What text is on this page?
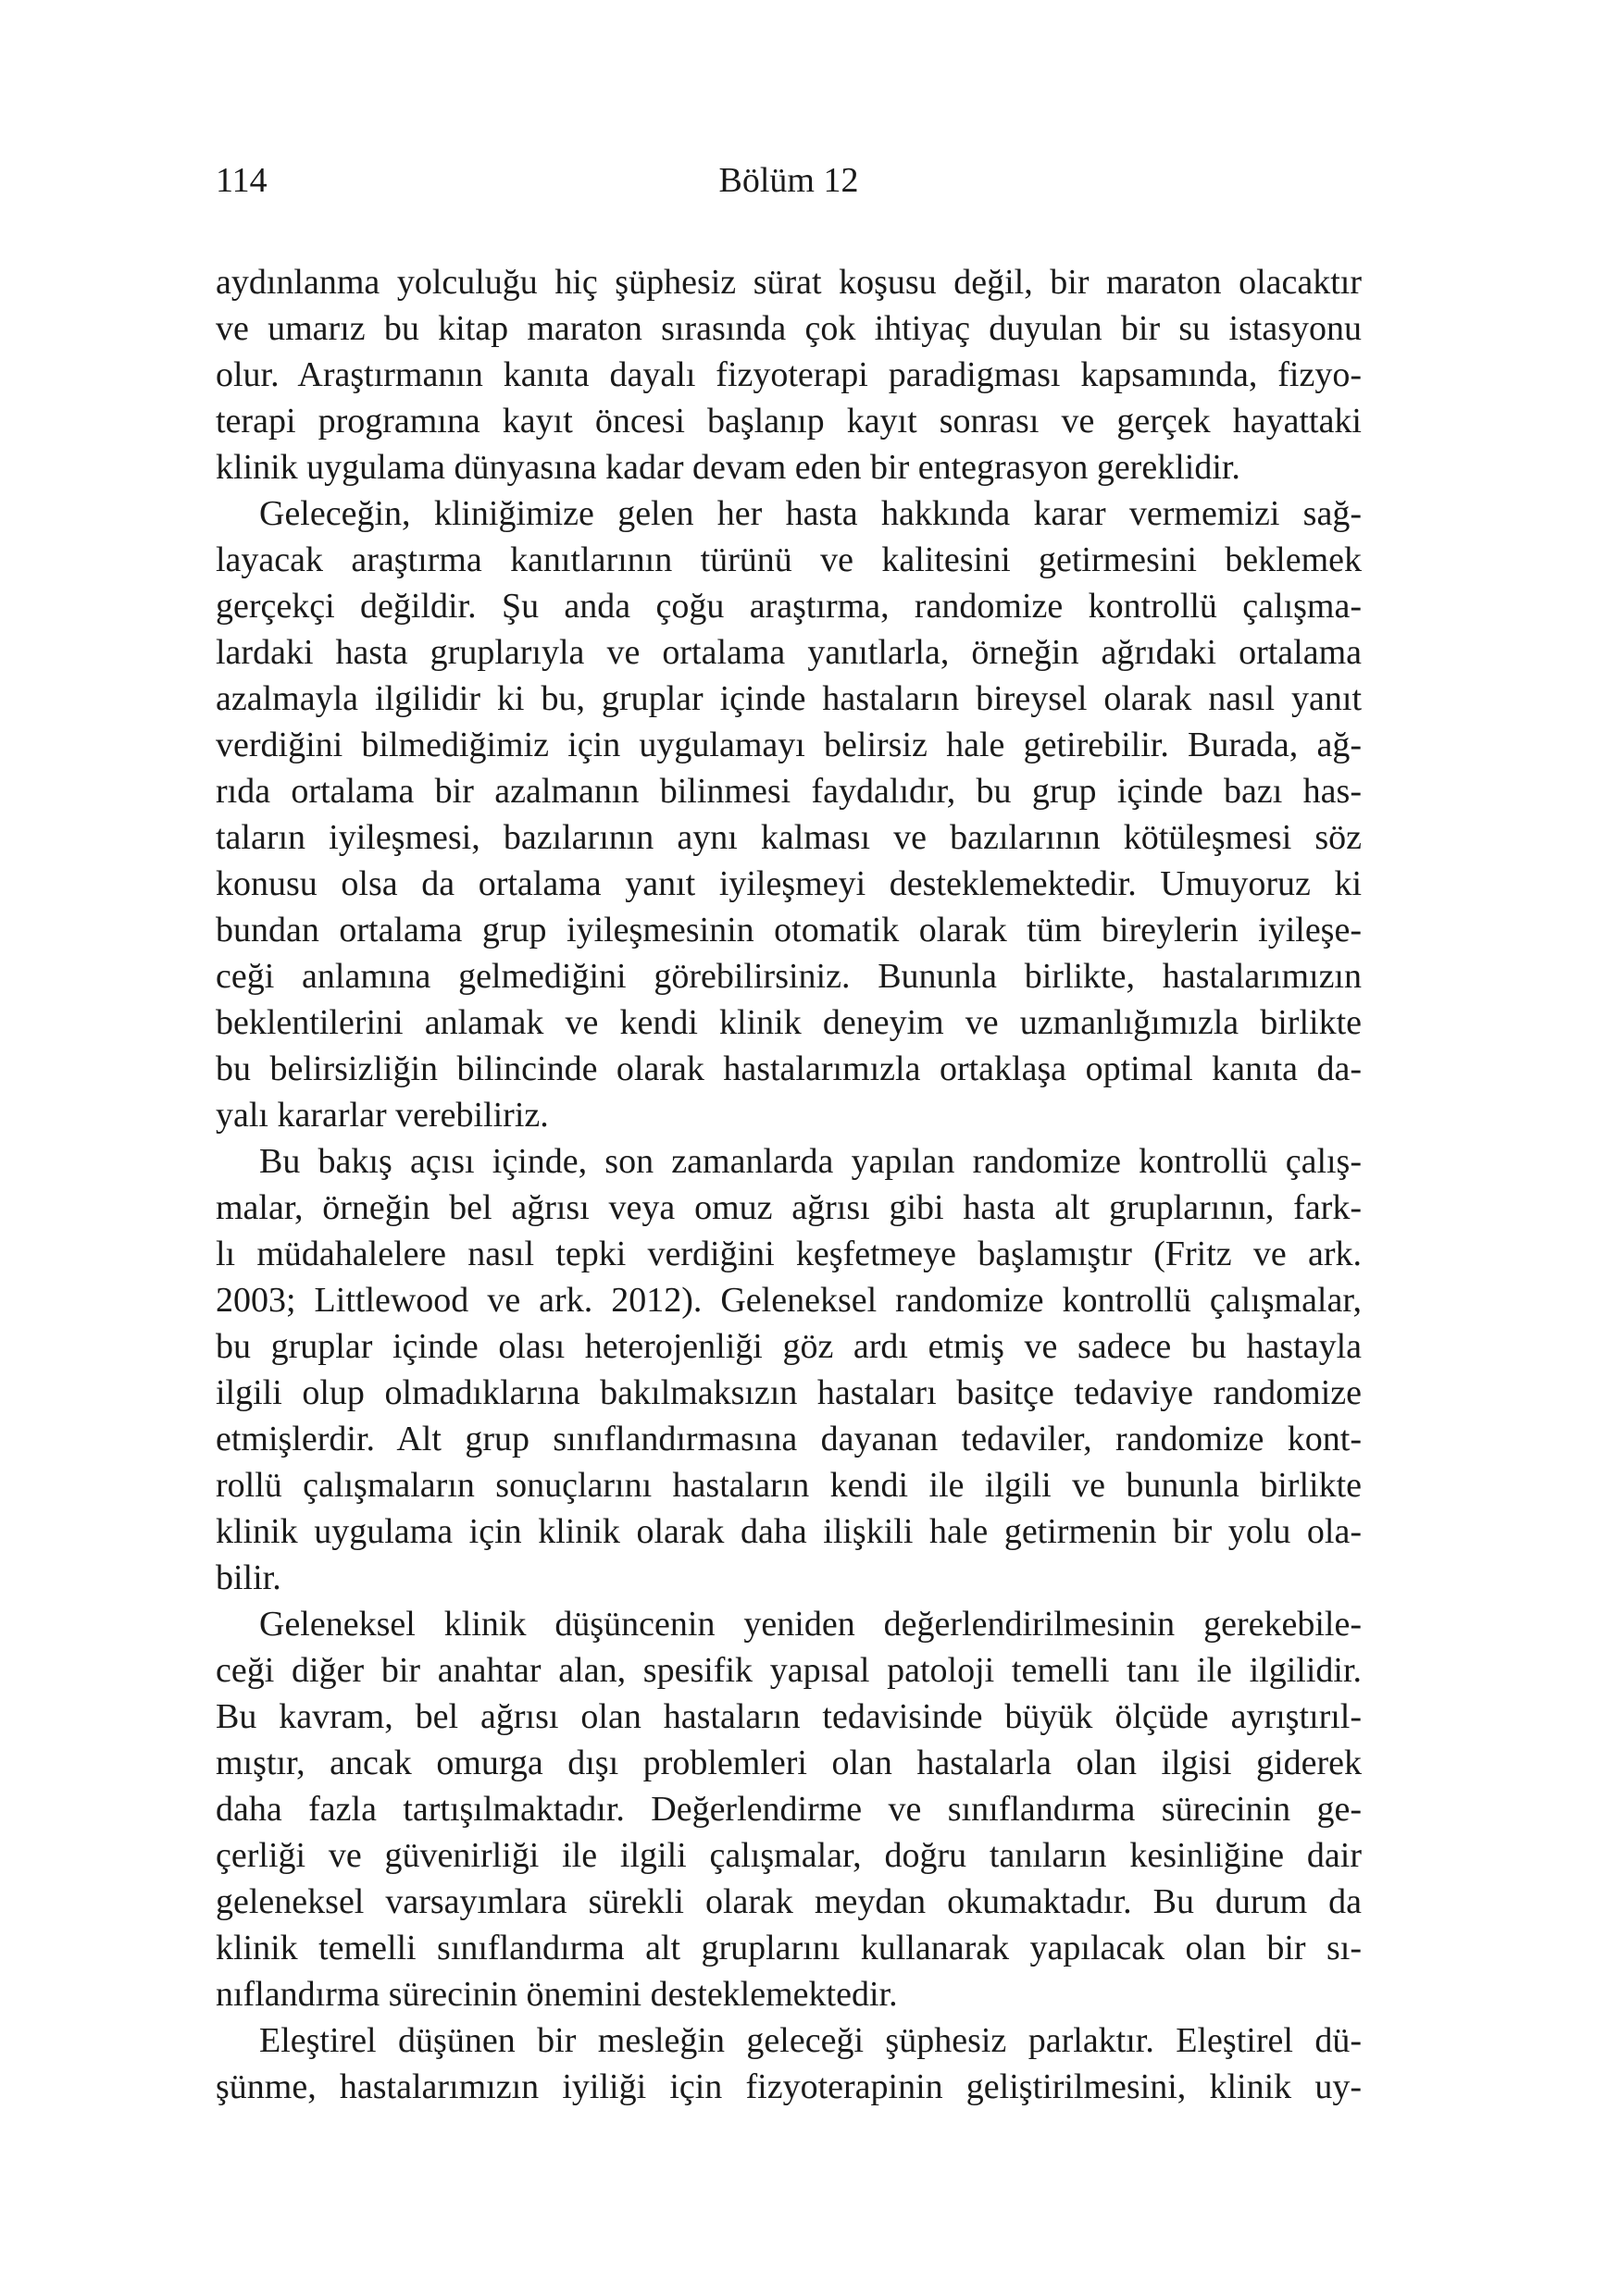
114	Bölüm 12
aydınlanma yolculuğu hiç şüphesiz sürat koşusu değil, bir maraton olacaktır
ve umarız bu kitap maraton sırasında çok ihtiyaç duyulan bir su istasyonu
olur. Araştırmanın kanıta dayalı fizyoterapi paradigması kapsamında, fizyo-
terapi programına kayıt öncesi başlanıp kayıt sonrası ve gerçek hayattaki
klinik uygulama dünyasına kadar devam eden bir entegrasyon gereklidir.
Geleceğin, kliniğimize gelen her hasta hakkında karar vermemizi sağ-
layacak araştırma kanıtlarının türünü ve kalitesini getirmesini beklemek
gerçekçi değildir. Şu anda çoğu araştırma, randomize kontrollü çalışma-
lardaki hasta gruplarıyla ve ortalama yanıtlarla, örneğin ağrıdaki ortalama
azalmayla ilgilidir ki bu, gruplar içinde hastaların bireysel olarak nasıl yanıt
verdiğini bilmediğimiz için uygulamayı belirsiz hale getirebilir. Burada, ağ-
rıda ortalama bir azalmanın bilinmesi faydalıdır, bu grup içinde bazı has-
taların iyileşmesi, bazılarının aynı kalması ve bazılarının kötüleşmesi söz
konusu olsa da ortalama yanıt iyileşmeyi desteklemektedir. Umuyoruz ki
bundan ortalama grup iyileşmesinin otomatik olarak tüm bireylerin iyileşe-
ceği anlamına gelmediğini görebilirsiniz. Bununla birlikte, hastalarımızın
beklentilerini anlamak ve kendi klinik deneyim ve uzmanlığımızla birlikte
bu belirsizliğin bilincinde olarak hastalarımızla ortaklaşa optimal kanıta da-
yalı kararlar verebiliriz.
Bu bakış açısı içinde, son zamanlarda yapılan randomize kontrollü çalış-
malar, örneğin bel ağrısı veya omuz ağrısı gibi hasta alt gruplarının, fark-
lı müdahalelere nasıl tepki verdiğini keşfetmeye başlamıştır (Fritz ve ark.
2003; Littlewood ve ark. 2012). Geleneksel randomize kontrollü çalışmalar,
bu gruplar içinde olası heterojenliği göz ardı etmiş ve sadece bu hastayla
ilgili olup olmadıklarına bakılmaksızın hastaları basitçe tedaviye randomize
etmişlerdir. Alt grup sınıflandırmasına dayanan tedaviler, randomize kont-
rollü çalışmaların sonuçlarını hastaların kendi ile ilgili ve bununla birlikte
klinik uygulama için klinik olarak daha ilişkili hale getirmenin bir yolu ola-
bilir.
Geleneksel klinik düşüncenin yeniden değerlendirilmesinin gerekebile-
ceği diğer bir anahtar alan, spesifik yapısal patoloji temelli tanı ile ilgilidir.
Bu kavram, bel ağrısı olan hastaların tedavisinde büyük ölçüde ayrıştırıl-
mıştır, ancak omurga dışı problemleri olan hastalarla olan ilgisi giderek
daha fazla tartışılmaktadır. Değerlendirme ve sınıflandırma sürecinin ge-
çerliği ve güvenirliği ile ilgili çalışmalar, doğru tanıların kesinliğine dair
geleneksel varsayımlara sürekli olarak meydan okumaktadır. Bu durum da
klinik temelli sınıflandırma alt gruplarını kullanarak yapılacak olan bir sı-
nıflandırma sürecinin önemini desteklemektedir.
Eleştirel düşünen bir mesleğin geleceği şüphesiz parlaktır. Eleştirel dü-
şünme, hastalarımızın iyiliği için fizyoterapinin geliştirilmesini, klinik uy-
